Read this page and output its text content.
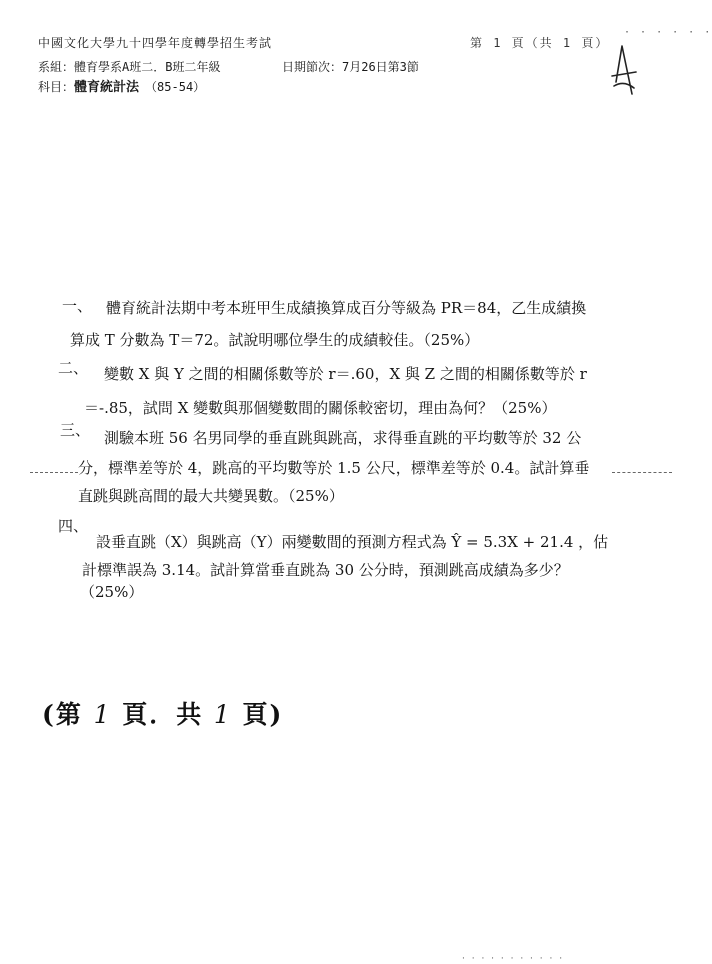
中國文化大學九十四學年度轉學招生考試	第 1 頁（共 1 頁）
· · · · · ·
系組：體育學系A班二．B班二年級	日期節次：7月26日第3節
科目：體育統計法　 （85-54）
一、 體育統計法期中考本班甲生成績換算成百分等級為 PR＝84，乙生成績換
算成 T 分數為 T＝72。試說明哪位學生的成績較佳。（25%）
二、 變數 X 與 Y 之間的相關係數等於 r＝.60，X 與 Z 之間的相關係數等於 r
＝-.85，試問 X 變數與那個變數間的關係較密切，理由為何？（25%）
三、 測驗本班 56 名男同學的垂直跳與跳高，求得垂直跳的平均數等於 32 公
分，標準差等於 4，跳高的平均數等於 1.5 公尺，標準差等於 0.4。試計算垂
直跳與跳高間的最大共變異數。（25%）
四、
設垂直跳（X）與跳高（Y）兩變數間的預測方程式為 Ŷ = 5.3X + 21.4 ，估
計標準誤為 3.14。試計算當垂直跳為 30 公分時，預測跳高成績為多少？
（25%）
(第 1 頁．共 1 頁)
· · · · · · · · · · ·
